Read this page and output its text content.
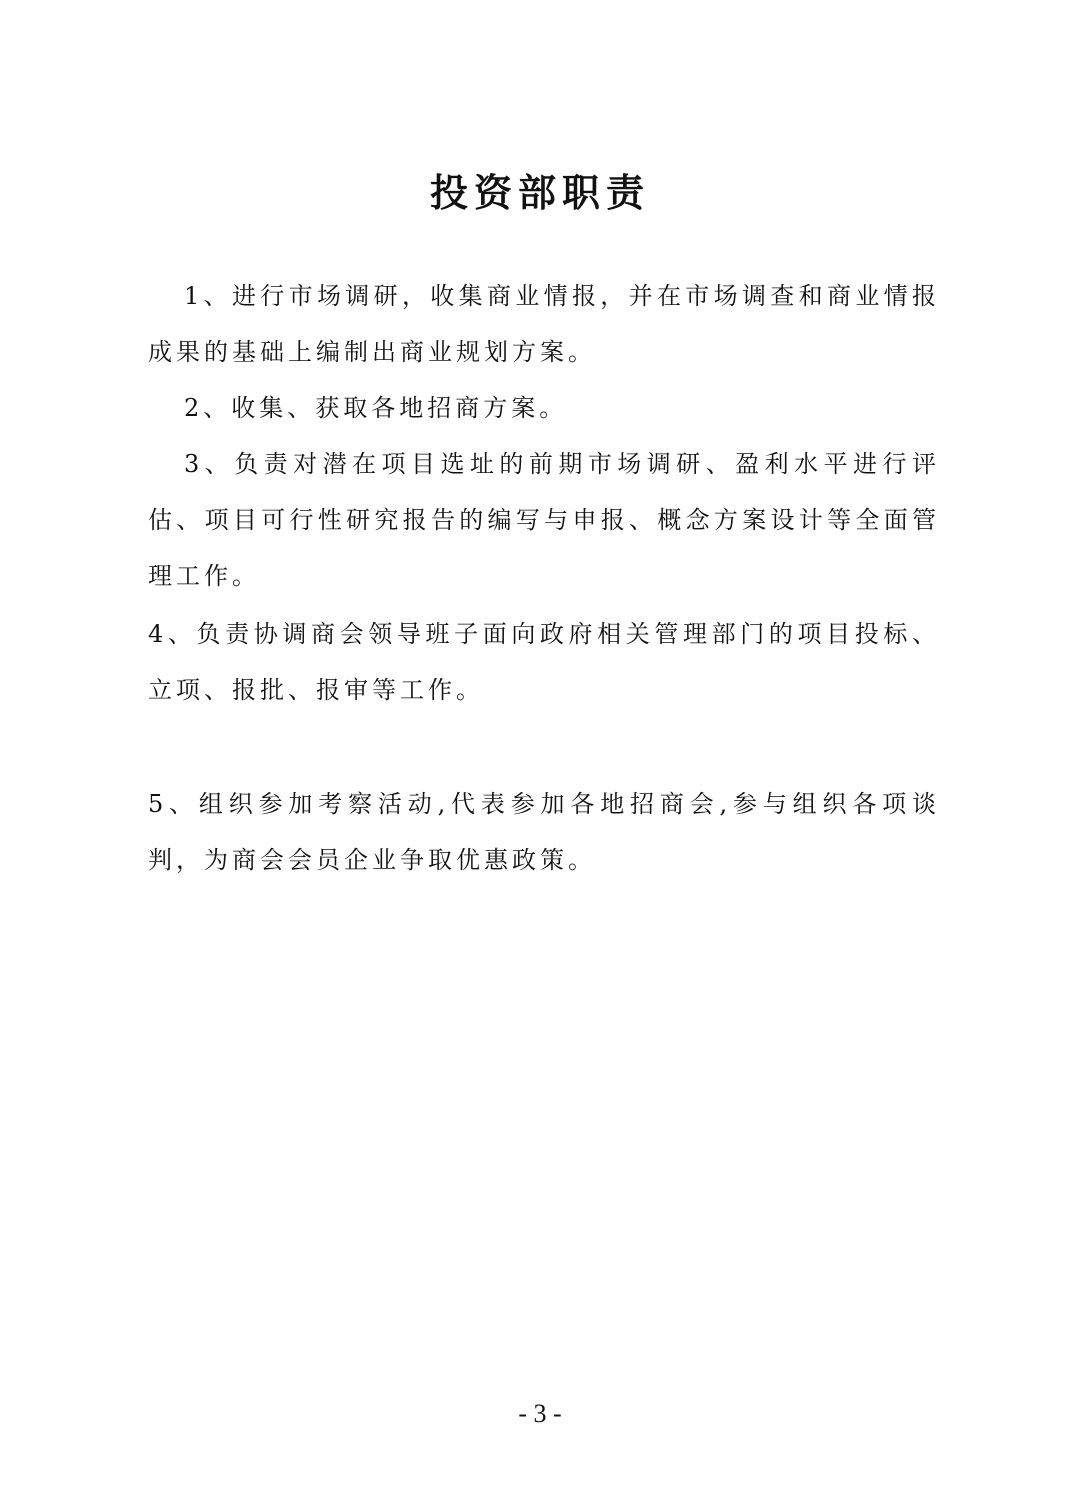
投资部职责

1、进行市场调研，收集商业情报，并在市场调查和商业情报成果的基础上编制出商业规划方案。

2、收集、获取各地招商方案。

3、负责对潜在项目选址的前期市场调研、盈利水平进行评估、项目可行性研究报告的编写与申报、概念方案设计等全面管理工作。

4、负责协调商会领导班子面向政府相关管理部门的项目投标、立项、报批、报审等工作。

5、组织参加考察活动,代表参加各地招商会,参与组织各项谈判，为商会会员企业争取优惠政策。

- 3 -
